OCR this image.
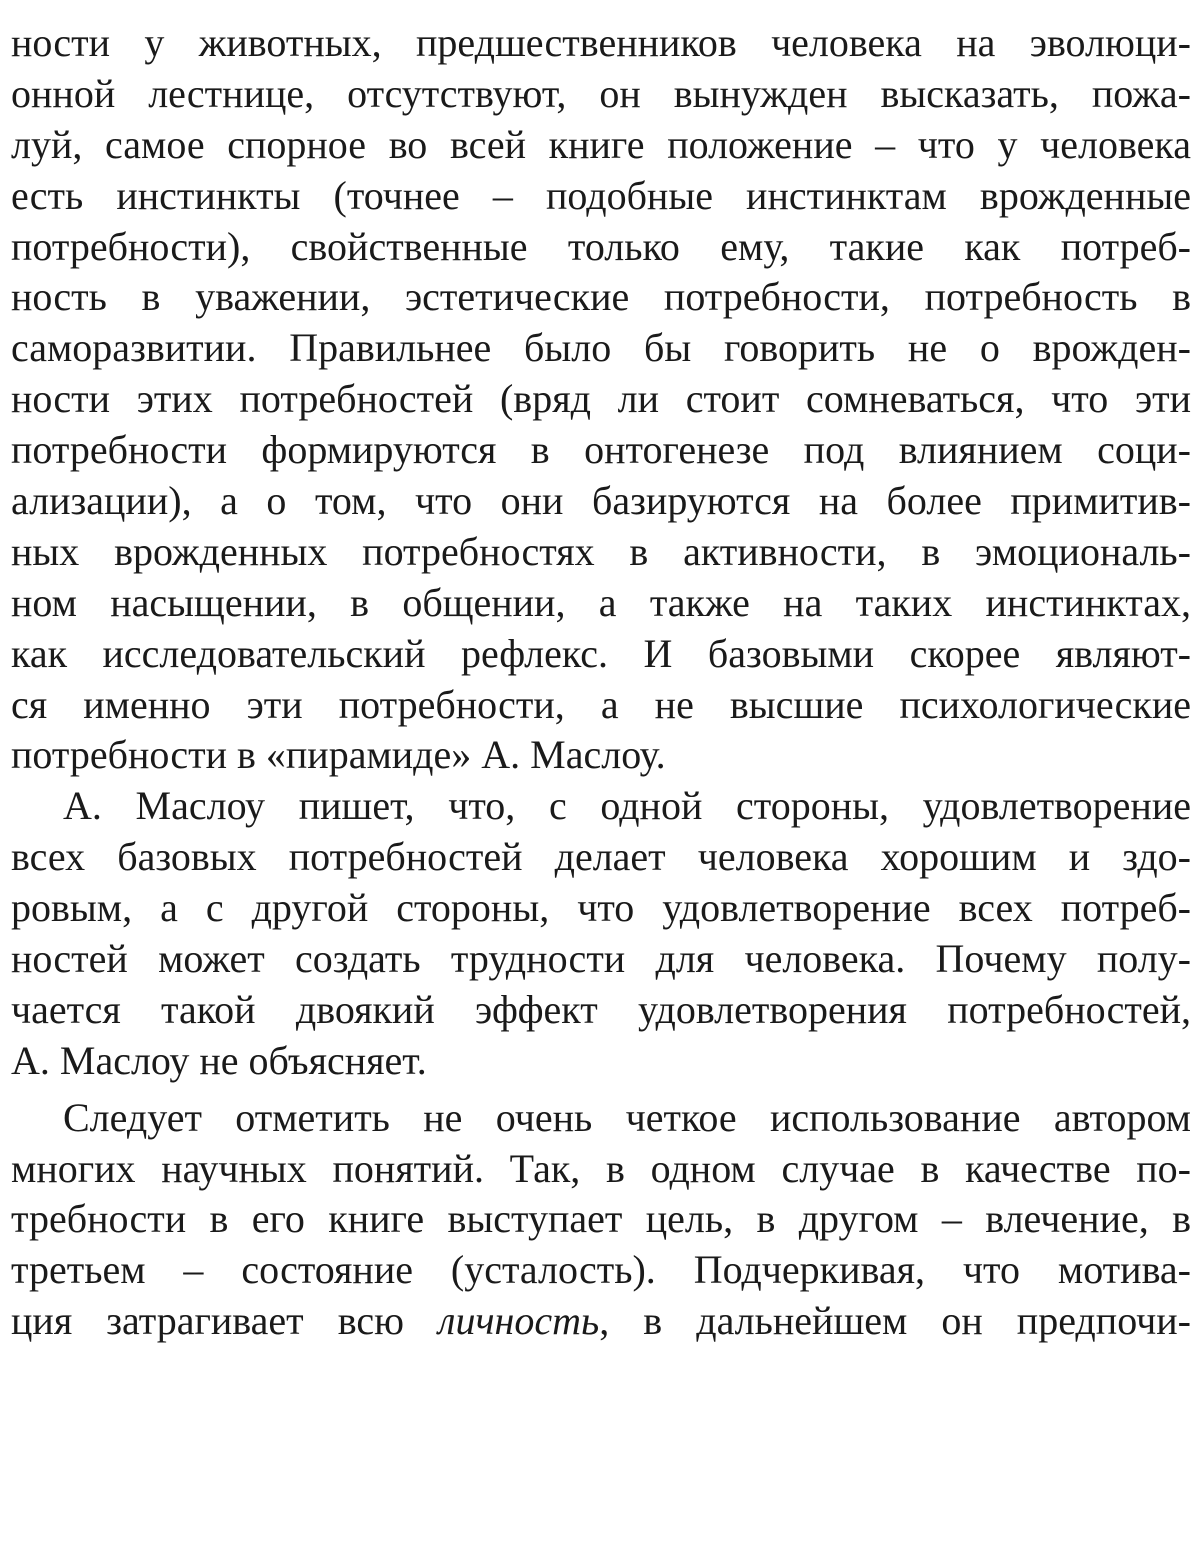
ности у животных, предшественников человека на эволюци-
онной лестнице, отсутствуют, он вынужден высказать, пожа-
луй, самое спорное во всей книге положение – что у человека
есть инстинкты (точнее – подобные инстинктам врожденные
потребности), свойственные только ему, такие как потреб-
ность в уважении, эстетические потребности, потребность в
саморазвитии. Правильнее было бы говорить не о врожден-
ности этих потребностей (вряд ли стоит сомневаться, что эти
потребности формируются в онтогенезе под влиянием соци-
ализации), а о том, что они базируются на более примитив-
ных врожденных потребностях в активности, в эмоциональ-
ном насыщении, в общении, а также на таких инстинктах,
как исследовательский рефлекс. И базовыми скорее являют-
ся именно эти потребности, а не высшие психологические
потребности в «пирамиде» А. Маслоу.
А. Маслоу пишет, что, с одной стороны, удовлетворение
всех базовых потребностей делает человека хорошим и здо-
ровым, а с другой стороны, что удовлетворение всех потреб-
ностей может создать трудности для человека. Почему полу-
чается такой двоякий эффект удовлетворения потребностей,
А. Маслоу не объясняет.
Следует отметить не очень четкое использование автором
многих научных понятий. Так, в одном случае в качестве по-
требности в его книге выступает цель, в другом – влечение, в
третьем – состояние (усталость). Подчеркивая, что мотива-
ция затрагивает всю личность, в дальнейшем он предпочи-
